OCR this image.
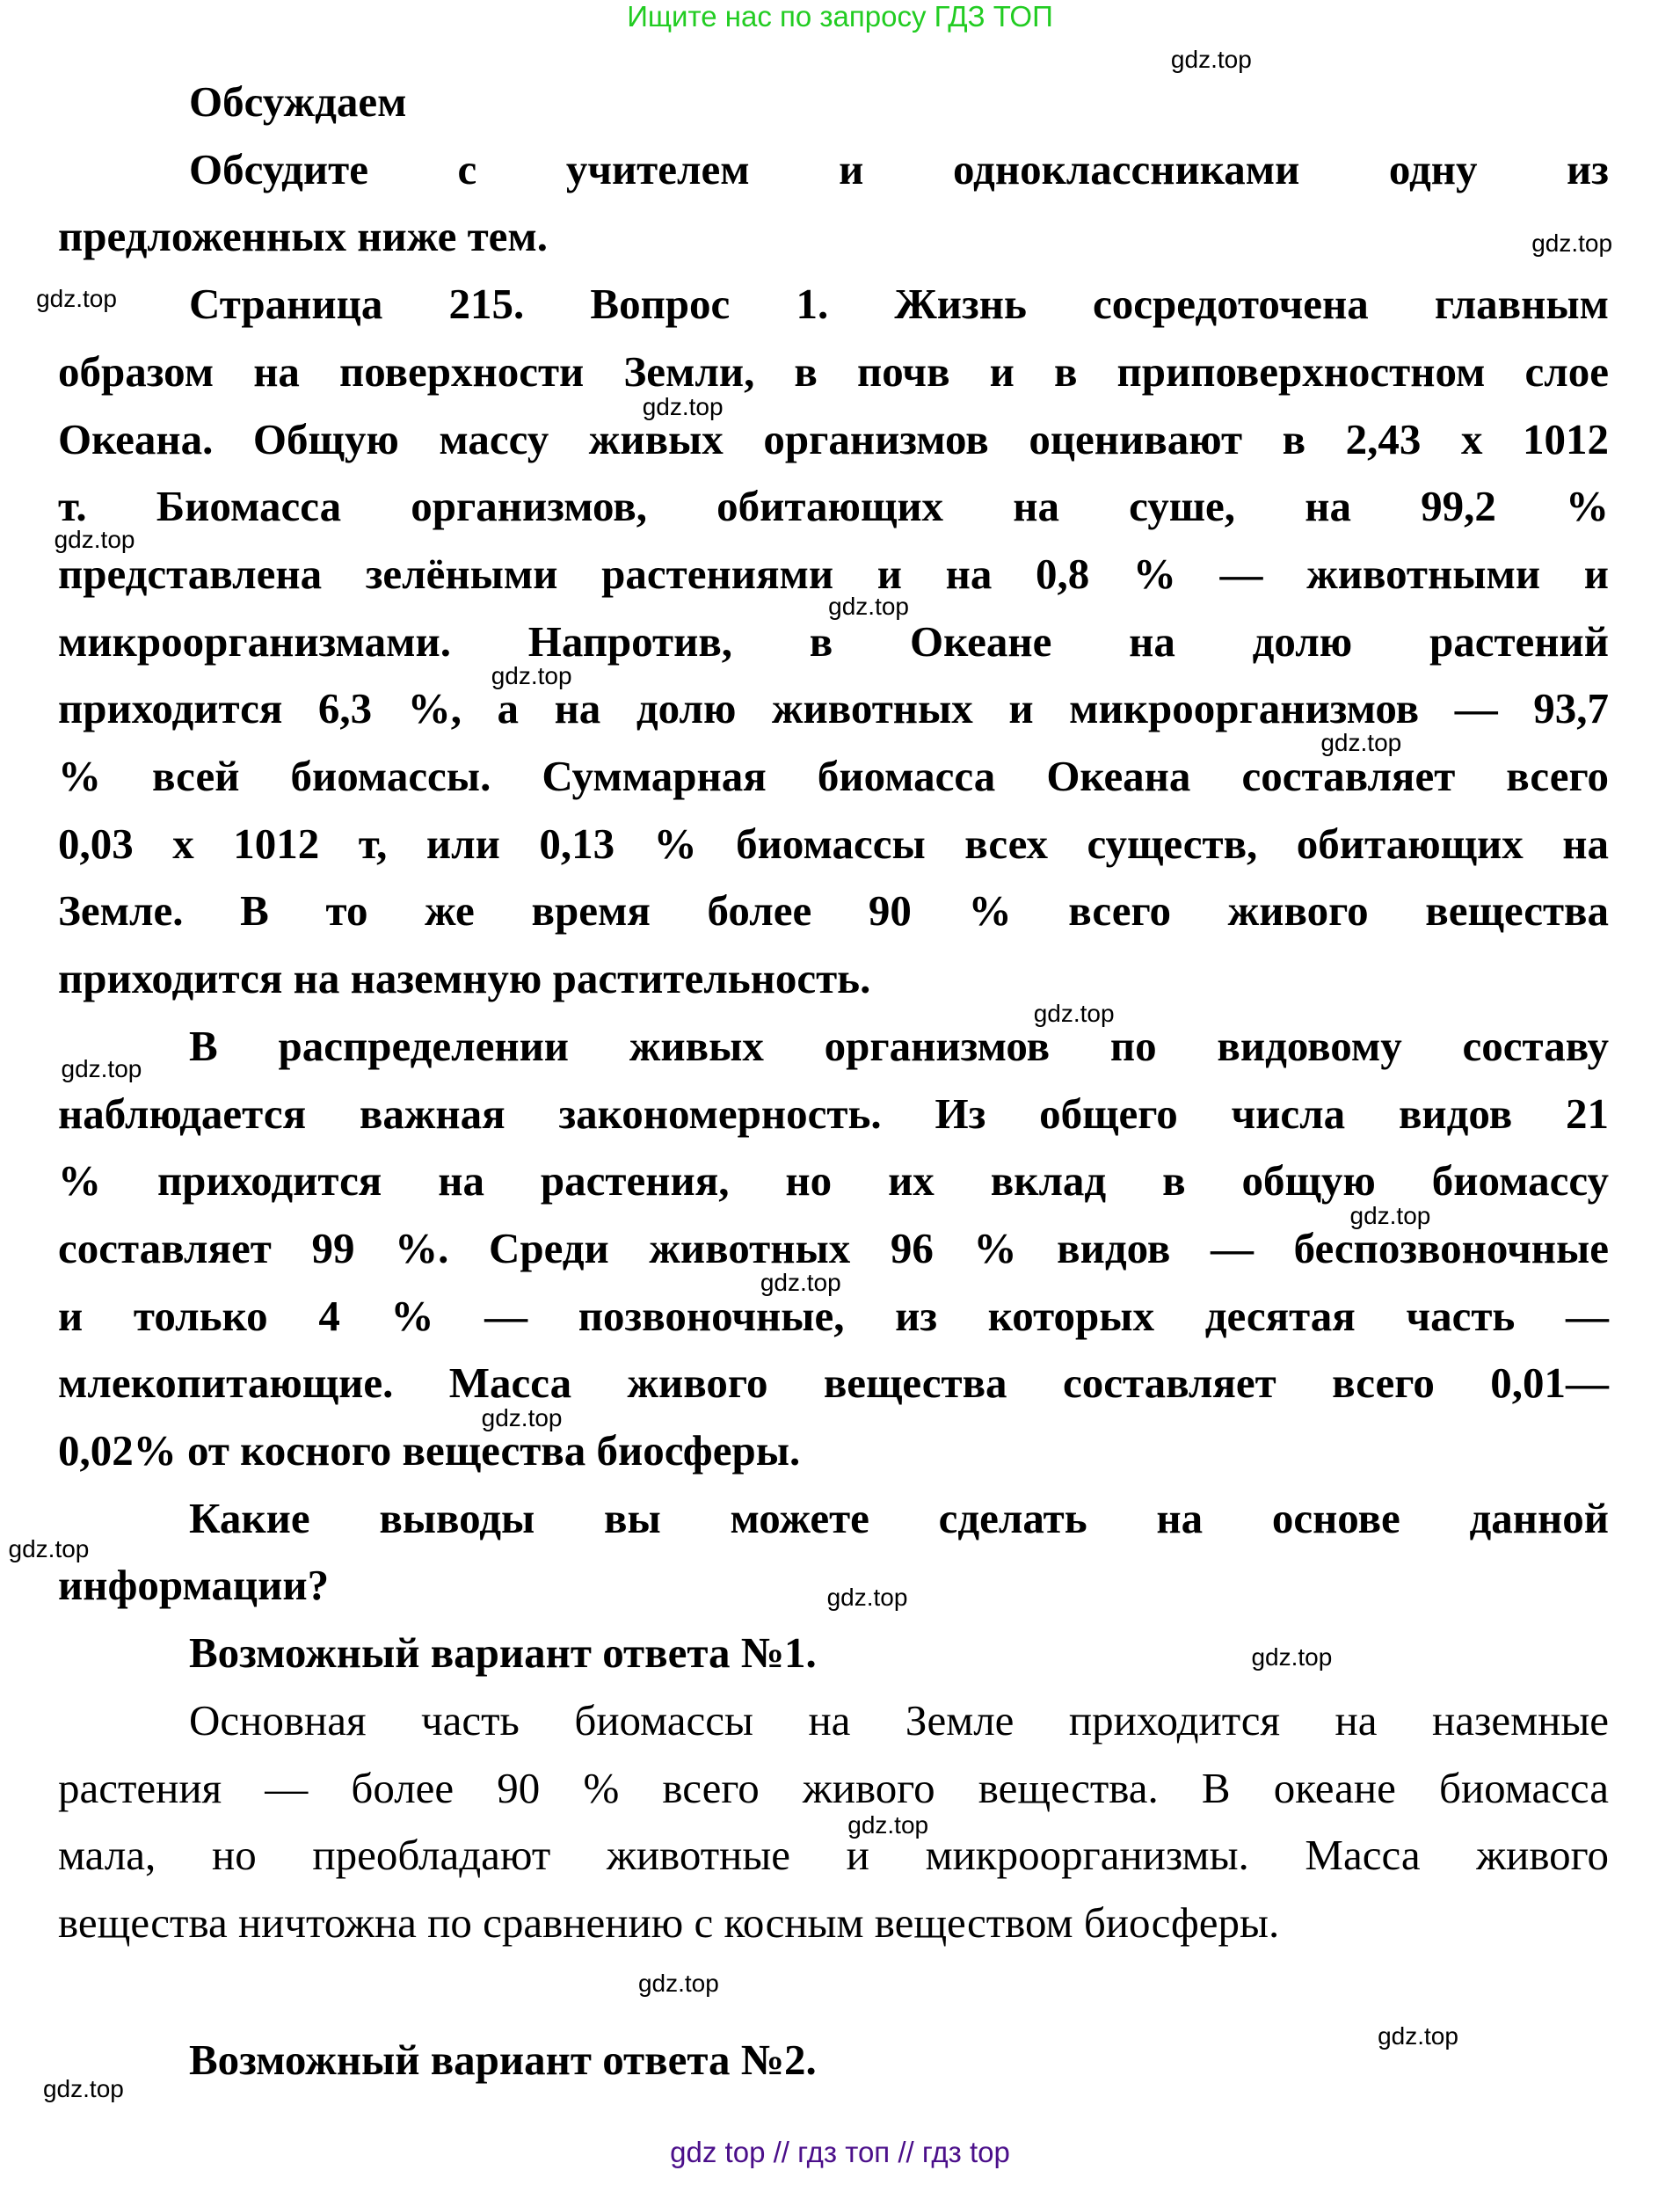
Ищите нас по запросу ГДЗ ТОП
Обсуждаем
Обсудите с учителем и одноклассниками одну из
предложенных ниже тем.
Страница 215. Вопрос 1. Жизнь сосредоточена главным
образом на поверхности Земли, в почв и в приповерхностном слое
Океана. Общую массу живых организмов оценивают в 2,43 х 1012
т. Биомасса организмов, обитающих на суше, на 99,2 %
представлена зелёными растениями и на 0,8 % — животными и
микроорганизмами. Напротив, в Океане на долю растений
приходится 6,3 %, а на долю животных и микроорганизмов — 93,7
% всей биомассы. Суммарная биомасса Океана составляет всего
0,03 х 1012 т, или 0,13 % биомассы всех существ, обитающих на
Земле. В то же время более 90 % всего живого вещества
приходится на наземную растительность.
В распределении живых организмов по видовому составу
наблюдается важная закономерность. Из общего числа видов 21
% приходится на растения, но их вклад в общую биомассу
составляет 99 %. Среди животных 96 % видов — беспозвоночные
и только 4 % — позвоночные, из которых десятая часть —
млекопитающие. Масса живого вещества составляет всего 0,01—
0,02% от косного вещества биосферы.
Какие выводы вы можете сделать на основе данной
информации?
Возможный вариант ответа №1.
Основная часть биомассы на Земле приходится на наземные
растения — более 90 % всего живого вещества. В океане биомасса
мала, но преобладают животные и микроорганизмы. Масса живого
вещества ничтожна по сравнению с косным веществом биосферы.
Возможный вариант ответа №2.
gdz.top
gdz.top
gdz.top
gdz.top
gdz.top
gdz.top
gdz.top
gdz.top
gdz.top
gdz.top
gdz.top
gdz.top
gdz.top
gdz.top
gdz.top
gdz.top
gdz.top
gdz.top
gdz.top
gdz.top
gdz top // гдз топ // гдз top
